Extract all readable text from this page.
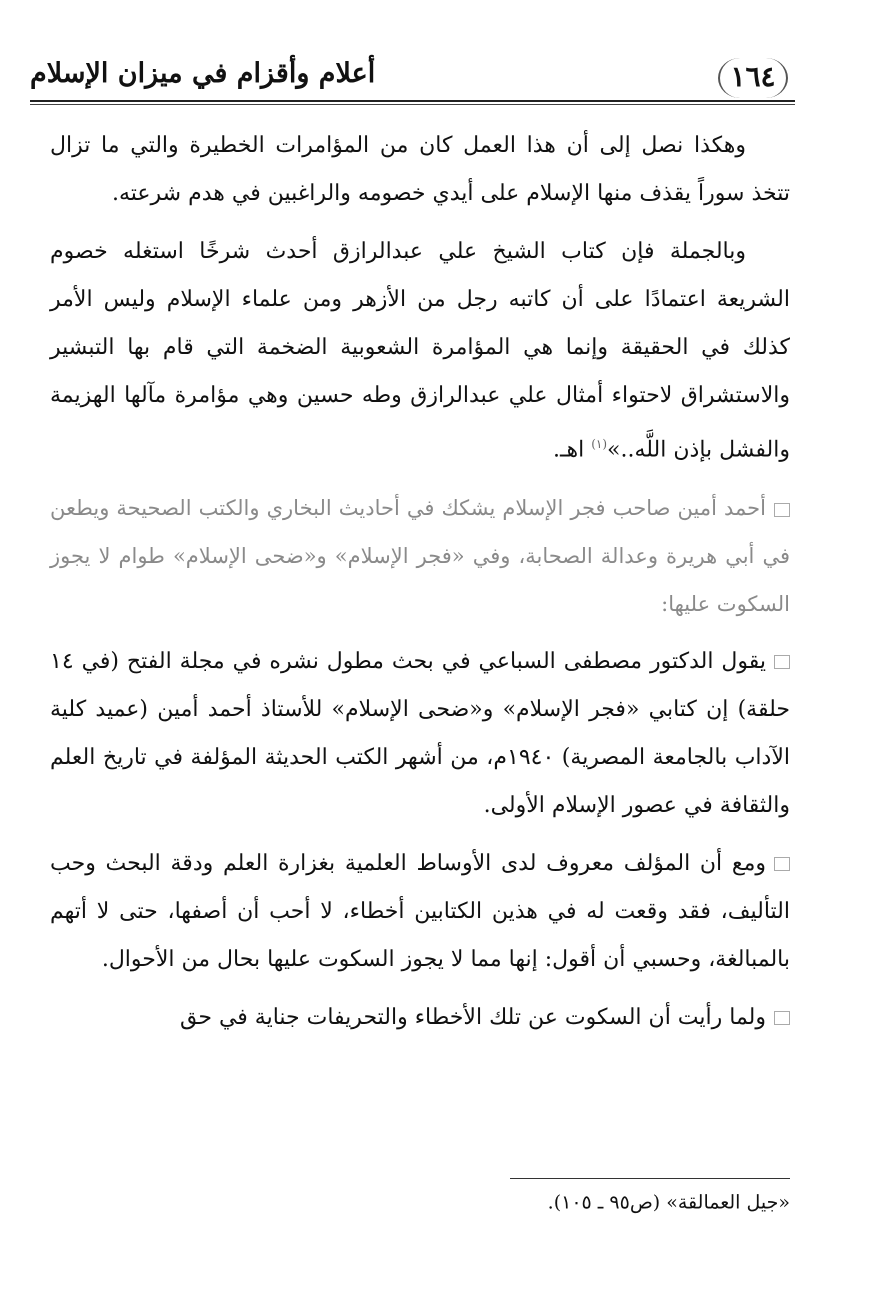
أعلام وأقزام في ميزان الإسلام	١٦٤

وهكذا نصل إلى أن هذا العمل كان من المؤامرات الخطيرة والتي ما تزال تتخذ سوراً يقذف منها الإسلام على أيدي خصومه والراغبين في هدم شرعته.

وبالجملة فإن كتاب الشيخ علي عبدالرازق أحدث شرخًا استغله خصوم الشريعة اعتمادًا على أن كاتبه رجل من الأزهر ومن علماء الإسلام وليس الأمر كذلك في الحقيقة وإنما هي المؤامرة الشعوبية الضخمة التي قام بها التبشير والاستشراق لاحتواء أمثال علي عبدالرازق وطه حسين وهي مؤامرة مآلها الهزيمة والفشل بإذن اللَّه..»$^{(١)}$ اهـ.

أحمد أمين صاحب فجر الإسلام يشكك في أحاديث البخاري والكتب الصحيحة ويطعن في أبي هريرة وعدالة الصحابة، وفي «فجر الإسلام» و«ضحى الإسلام» طوام لا يجوز السكوت عليها:

يقول الدكتور مصطفى السباعي في بحث مطول نشره في مجلة الفتح (في ١٤ حلقة) إن كتابي «فجر الإسلام» و«ضحى الإسلام» للأستاذ أحمد أمين (عميد كلية الآداب بالجامعة المصرية) ١٩٤٠م، من أشهر الكتب الحديثة المؤلفة في تاريخ العلم والثقافة في عصور الإسلام الأولى.

ومع أن المؤلف معروف لدى الأوساط العلمية بغزارة العلم ودقة البحث وحب التأليف، فقد وقعت له في هذين الكتابين أخطاء، لا أحب أن أصفها، حتى لا أتهم بالمبالغة، وحسبي أن أقول: إنها مما لا يجوز السكوت عليها بحال من الأحوال.

ولما رأيت أن السكوت عن تلك الأخطاء والتحريفات جناية في حق

«جيل العمالقة» (ص٩٥ ـ ١٠٥).
